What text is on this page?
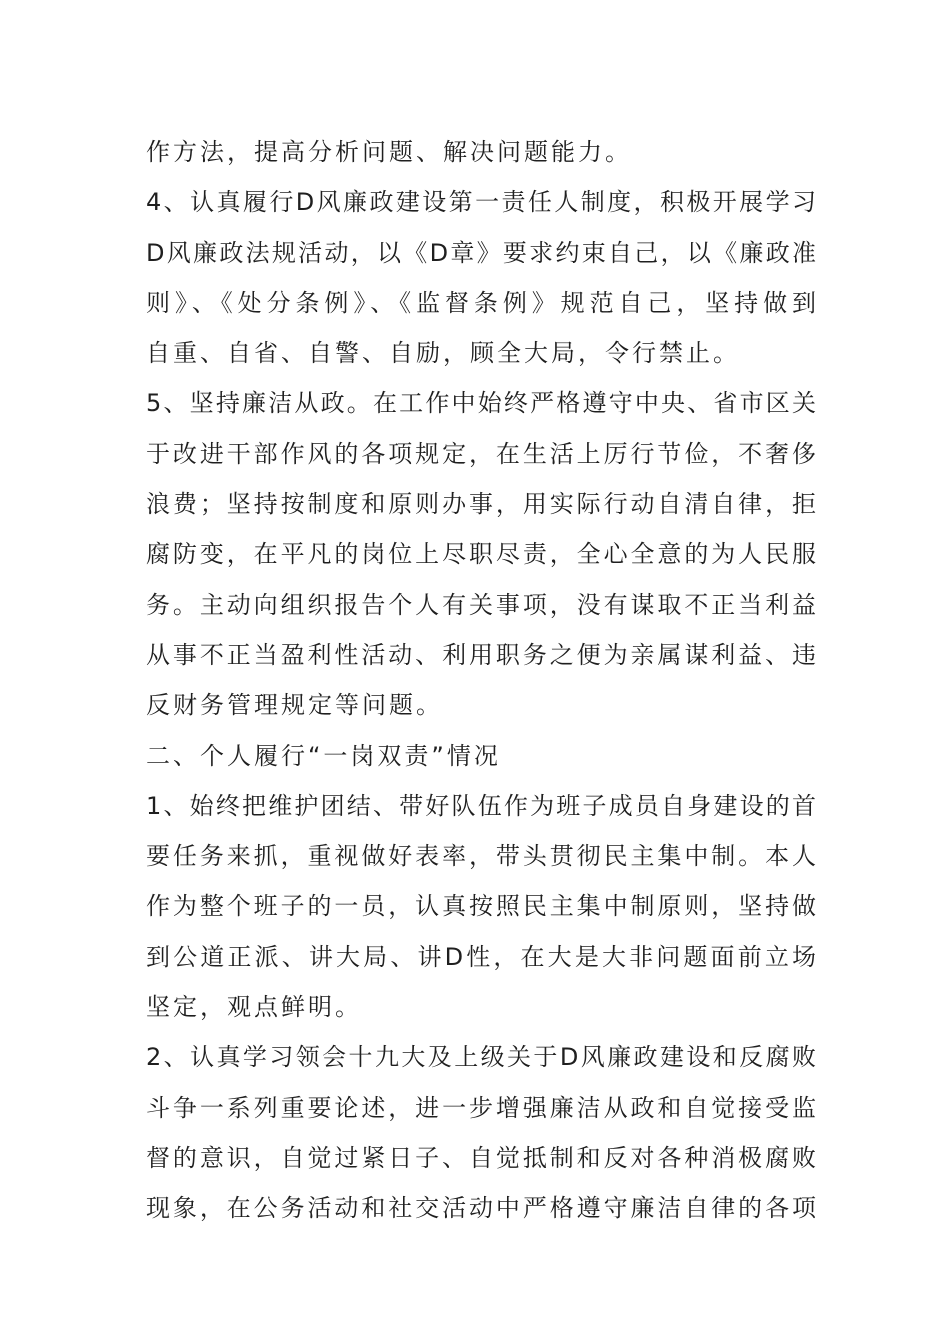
作方法，提高分析问题、解决问题能力。
4、认真履行D风廉政建设第一责任人制度，积极开展学习
D风廉政法规活动，以《D章》要求约束自己，以《廉政准
则》、《处分条例》、《监督条例》规范自己，坚持做到
自重、自省、自警、自励，顾全大局，令行禁止。
5、坚持廉洁从政。在工作中始终严格遵守中央、省市区关
于改进干部作风的各项规定，在生活上厉行节俭，不奢侈
浪费；坚持按制度和原则办事，用实际行动自清自律，拒
腐防变，在平凡的岗位上尽职尽责，全心全意的为人民服
务。主动向组织报告个人有关事项，没有谋取不正当利益
从事不正当盈利性活动、利用职务之便为亲属谋利益、违
反财务管理规定等问题。
二、个人履行“一岗双责”情况
1、始终把维护团结、带好队伍作为班子成员自身建设的首
要任务来抓，重视做好表率，带头贯彻民主集中制。本人
作为整个班子的一员，认真按照民主集中制原则，坚持做
到公道正派、讲大局、讲D性，在大是大非问题面前立场
坚定，观点鲜明。
2、认真学习领会十九大及上级关于D风廉政建设和反腐败
斗争一系列重要论述，进一步增强廉洁从政和自觉接受监
督的意识，自觉过紧日子、自觉抵制和反对各种消极腐败
现象，在公务活动和社交活动中严格遵守廉洁自律的各项
